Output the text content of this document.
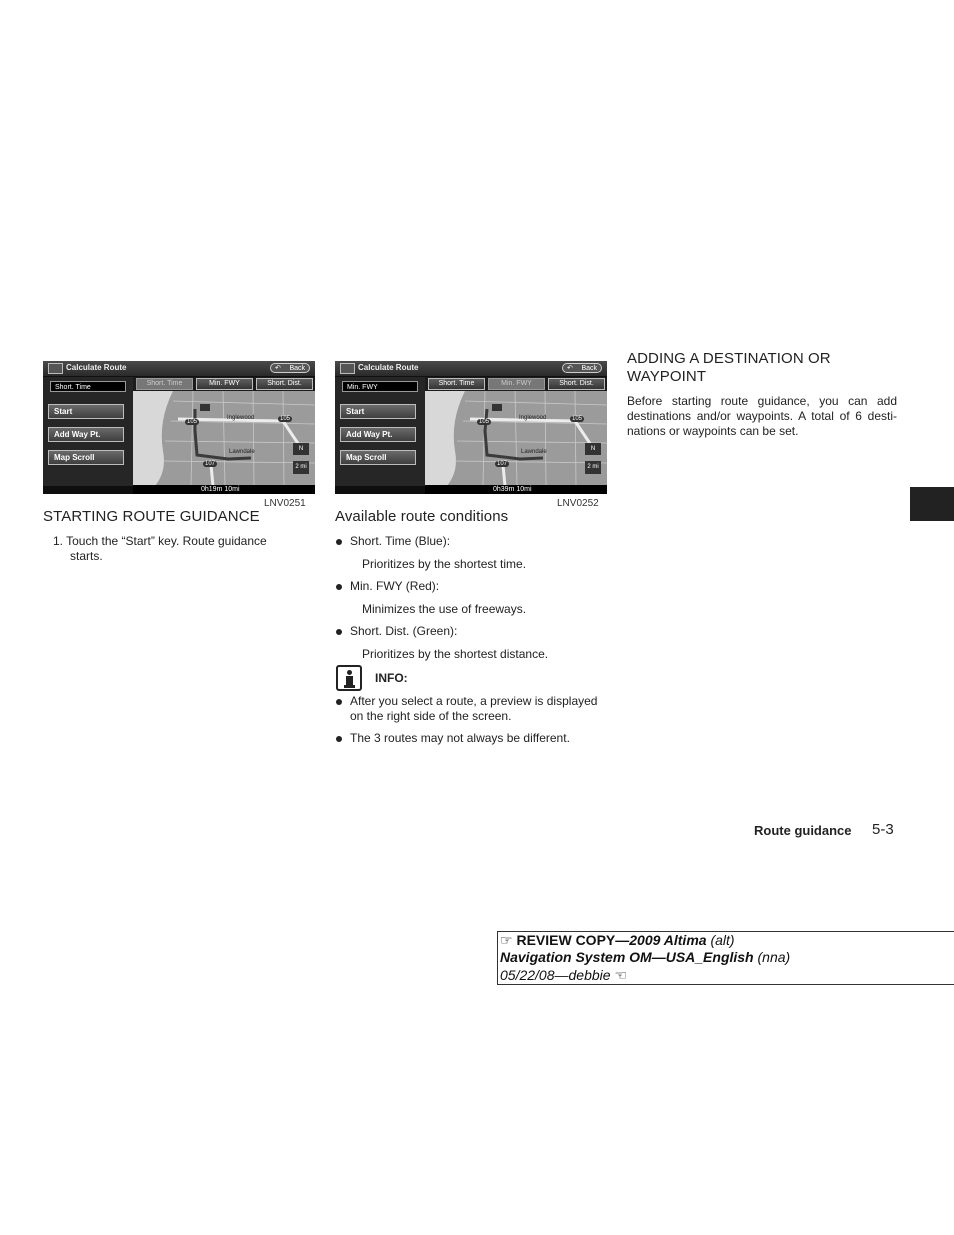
Calculate Route	↶ Back
Short. Time
Start
Add Way Pt.
Map Scroll
Short. Time	Min. FWY	Short. Dist.
105	105
107
Inglewood
Lawndale	N
2 mi
0h19m 10mi
LNV0251
Calculate Route	↶ Back
Min. FWY
Start
Add Way Pt.
Map Scroll
Short. Time	Min. FWY	Short. Dist.
105	105
107
Inglewood
Lawndale	N
2 mi
0h39m 10mi
LNV0252
STARTING ROUTE GUIDANCE
1. Touch the “Start” key. Route guidance
starts.
Available route conditions
Short. Time (Blue):
Prioritizes by the shortest time.
Min. FWY (Red):
Minimizes the use of freeways.
Short. Dist. (Green):
Prioritizes by the shortest distance.
INFO:
After you select a route, a preview is displayed on the right side of the screen.
The 3 routes may not always be different.
ADDING A DESTINATION OR
WAYPOINT
Before starting route guidance, you can add destinations and/or waypoints. A total of 6 desti-nations or waypoints can be set.
Route guidance 5-3
☞ REVIEW COPY—2009 Altima (alt)
Navigation System OM—USA_English (nna)
05/22/08—debbie ☜
